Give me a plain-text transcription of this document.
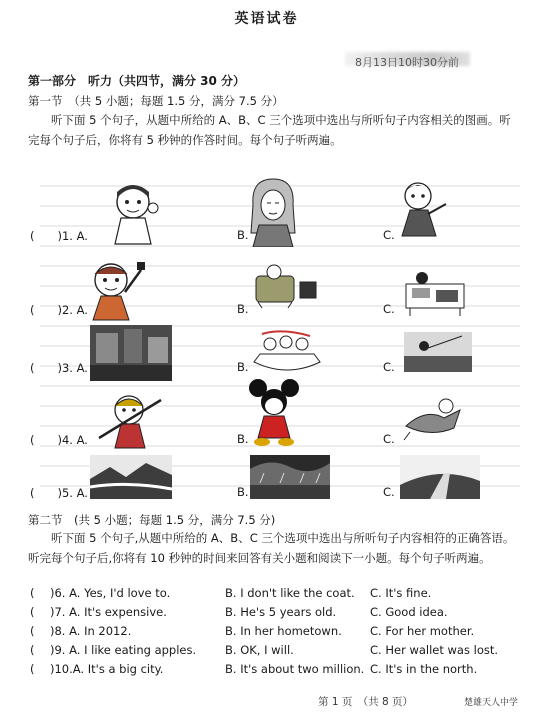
英语试卷
8月13日10时30分前
第一部分　听力（共四节，满分 30 分）
第一节　（共 5 小题；每题 1.5 分，满分 7.5 分）
听下面 5 个句子，从题中所给的 A、B、C 三个选项中选出与所听句子内容相关的图画。听完每个句子后，你将有 5 秒钟的作答时间。每个句子听两遍。
(　　)1. A.	B.	C.
(　　)2. A.	B.	C.
(　　)3. A.	B.	C.
(　　)4. A.	B.	C.
(　　)5. A.	B.	C.
第二节　(共 5 小题；每题 1.5 分，满分 7.5 分)
听下面 5 个句子,从题中所给的 A、B、C 三个选项中选出与所听句子内容相符的正确答语。听完每个句子后,你将有 10 秒钟的时间来回答有关小题和阅读下一小题。每个句子听两遍。
( )6. A. Yes, I'd love to.	B. I don't like the coat. C. It's fine.
( )7. A. It's expensive.	B. He's 5 years old.	C. Good idea.
( )8. A. In 2012.	B. In her hometown. C. For her mother.
( )9. A. I like eating apples.	B. OK, I will.	C. Her wallet was lost.
( )10.A. It's a big city.	B. It's about two million. C. It's in the north.
第 1 页　（共 8 页）	楚雄天人中学
